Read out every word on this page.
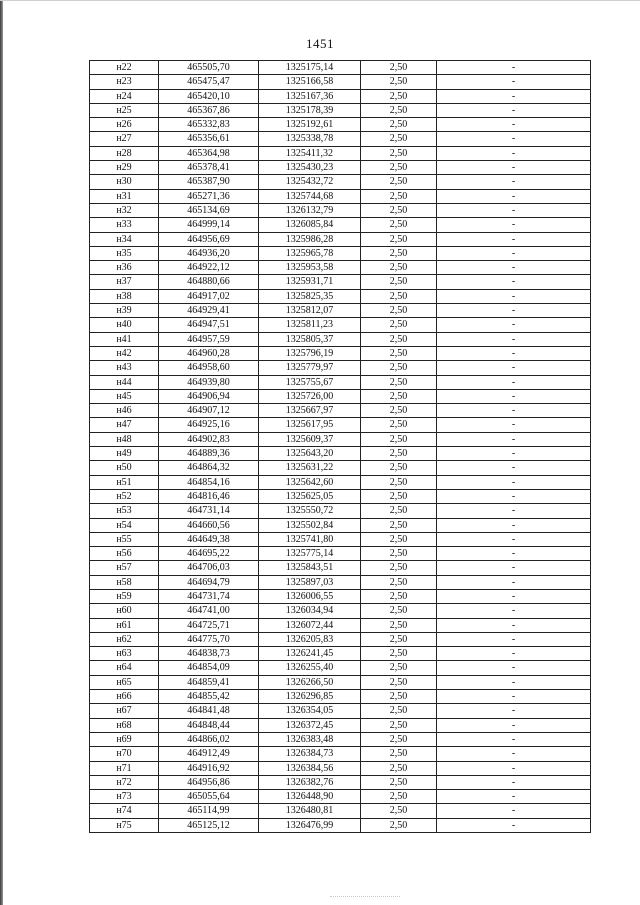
1451
н22	465505,70	1325175,14	2,50	-
н23	465475,47	1325166,58	2,50	-
н24	465420,10	1325167,36	2,50	-
н25	465367,86	1325178,39	2,50	-
н26	465332,83	1325192,61	2,50	-
н27	465356,61	1325338,78	2,50	-
н28	465364,98	1325411,32	2,50	-
н29	465378,41	1325430,23	2,50	-
н30	465387,90	1325432,72	2,50	-
н31	465271,36	1325744,68	2,50	-
н32	465134,69	1326132,79	2,50	-
н33	464999,14	1326085,84	2,50	-
н34	464956,69	1325986,28	2,50	-
н35	464936,20	1325965,78	2,50	-
н36	464922,12	1325953,58	2,50	-
н37	464880,66	1325931,71	2,50	-
н38	464917,02	1325825,35	2,50	-
н39	464929,41	1325812,07	2,50	-
н40	464947,51	1325811,23	2,50	-
н41	464957,59	1325805,37	2,50	-
н42	464960,28	1325796,19	2,50	-
н43	464958,60	1325779,97	2,50	-
н44	464939,80	1325755,67	2,50	-
н45	464906,94	1325726,00	2,50	-
н46	464907,12	1325667,97	2,50	-
н47	464925,16	1325617,95	2,50	-
н48	464902,83	1325609,37	2,50	-
н49	464889,36	1325643,20	2,50	-
н50	464864,32	1325631,22	2,50	-
н51	464854,16	1325642,60	2,50	-
н52	464816,46	1325625,05	2,50	-
н53	464731,14	1325550,72	2,50	-
н54	464660,56	1325502,84	2,50	-
н55	464649,38	1325741,80	2,50	-
н56	464695,22	1325775,14	2,50	-
н57	464706,03	1325843,51	2,50	-
н58	464694,79	1325897,03	2,50	-
н59	464731,74	1326006,55	2,50	-
н60	464741,00	1326034,94	2,50	-
н61	464725,71	1326072,44	2,50	-
н62	464775,70	1326205,83	2,50	-
н63	464838,73	1326241,45	2,50	-
н64	464854,09	1326255,40	2,50	-
н65	464859,41	1326266,50	2,50	-
н66	464855,42	1326296,85	2,50	-
н67	464841,48	1326354,05	2,50	-
н68	464848,44	1326372,45	2,50	-
н69	464866,02	1326383,48	2,50	-
н70	464912,49	1326384,73	2,50	-
н71	464916,92	1326384,56	2,50	-
н72	464956,86	1326382,76	2,50	-
н73	465055,64	1326448,90	2,50	-
н74	465114,99	1326480,81	2,50	-
н75	465125,12	1326476,99	2,50	-
